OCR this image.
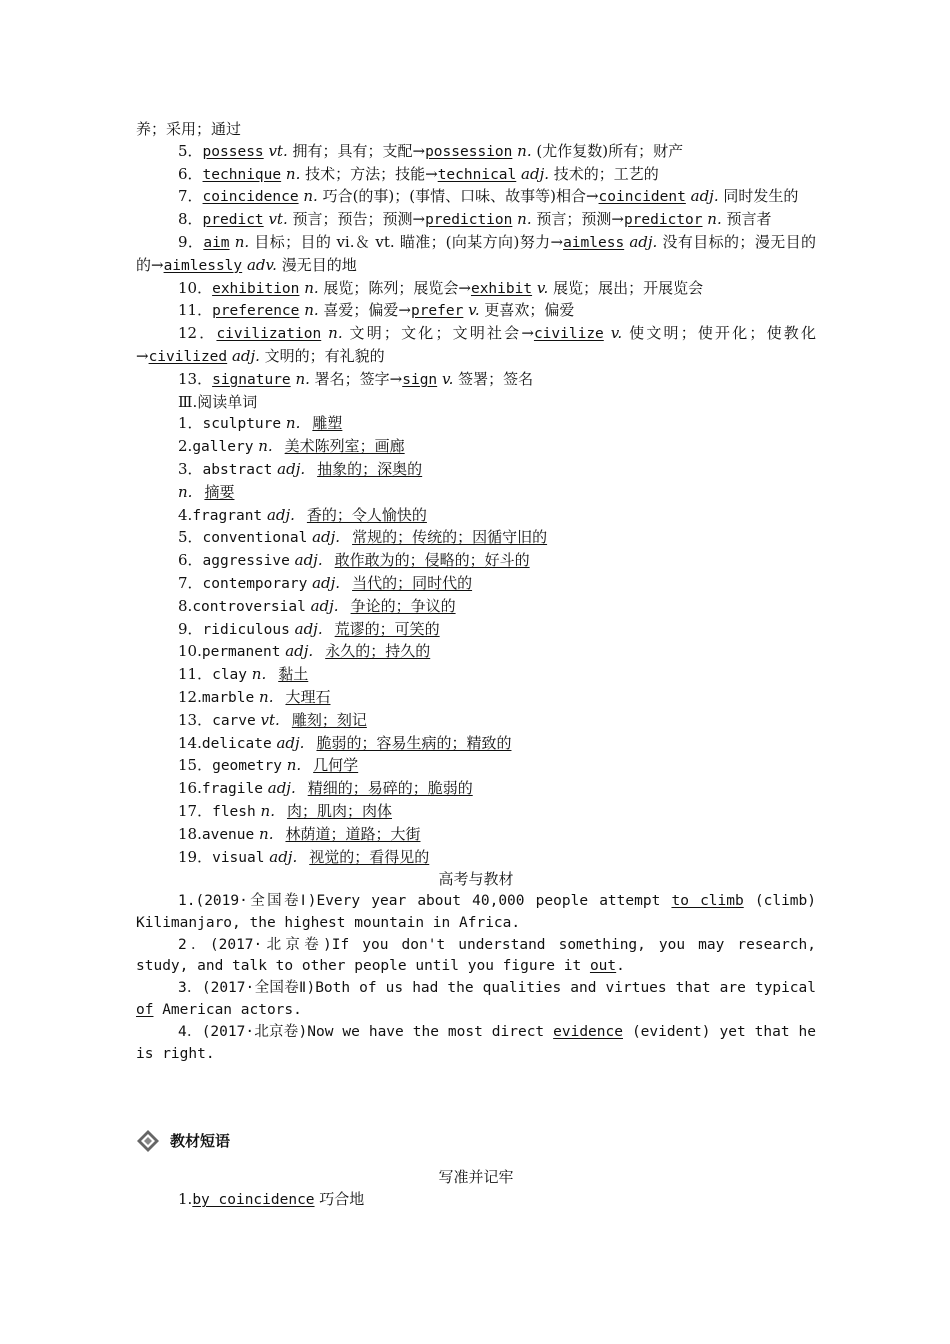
养；采用；通过
5．possess vt. 拥有；具有；支配→possession n. (尤作复数)所有；财产
6．technique n. 技术；方法；技能→technical adj. 技术的；工艺的
7．coincidence n. 巧合(的事)；(事情、口味、故事等)相合→coincident adj. 同时发生的
8．predict vt. 预言；预告；预测→prediction n. 预言；预测→predictor n. 预言者
9．aim n. 目标；目的 vi.＆ vt. 瞄准；(向某方向)努力→aimless adj. 没有目标的；漫无目的的→aimlessly adv. 漫无目的地
10．exhibition n. 展览；陈列；展览会→exhibit v. 展览；展出；开展览会
11．preference n. 喜爱；偏爱→prefer v. 更喜欢；偏爱
12．civilization n. 文明；文化；文明社会→civilize v. 使文明；使开化；使教化→civilized adj. 文明的；有礼貌的
13．signature n. 署名；签字→sign v. 签署；签名
Ⅲ.阅读单词
1．sculpture n. 雕塑
2.gallery n. 美术陈列室；画廊
3．abstract adj. 抽象的；深奥的
n. 摘要
4.fragrant adj. 香的；令人愉快的
5．conventional adj. 常规的；传统的；因循守旧的
6．aggressive adj. 敢作敢为的；侵略的；好斗的
7．contemporary adj. 当代的；同时代的
8.controversial adj. 争论的；争议的
9．ridiculous adj. 荒谬的；可笑的
10.permanent adj. 永久的；持久的
11．clay n. 黏土
12.marble n. 大理石
13．carve vt. 雕刻；刻记
14.delicate adj. 脆弱的；容易生病的；精致的
15．geometry n. 几何学
16.fragile adj. 精细的；易碎的；脆弱的
17．flesh n. 肉；肌肉；肉体
18.avenue n. 林荫道；道路；大街
19．visual adj. 视觉的；看得见的
高考与教材
1.(2019·全国卷Ⅰ)Every year about 40,000 people attempt to climb (climb) Kilimanjaro, the highest mountain in Africa.
2．(2017·北京卷)If you don't understand something, you may research, study, and talk to other people until you figure it out.
3．(2017·全国卷Ⅱ)Both of us had the qualities and virtues that are typical of American actors.
4．(2017·北京卷)Now we have the most direct evidence (evident) yet that he is right.
教材短语
写准并记牢
1.by coincidence 巧合地
